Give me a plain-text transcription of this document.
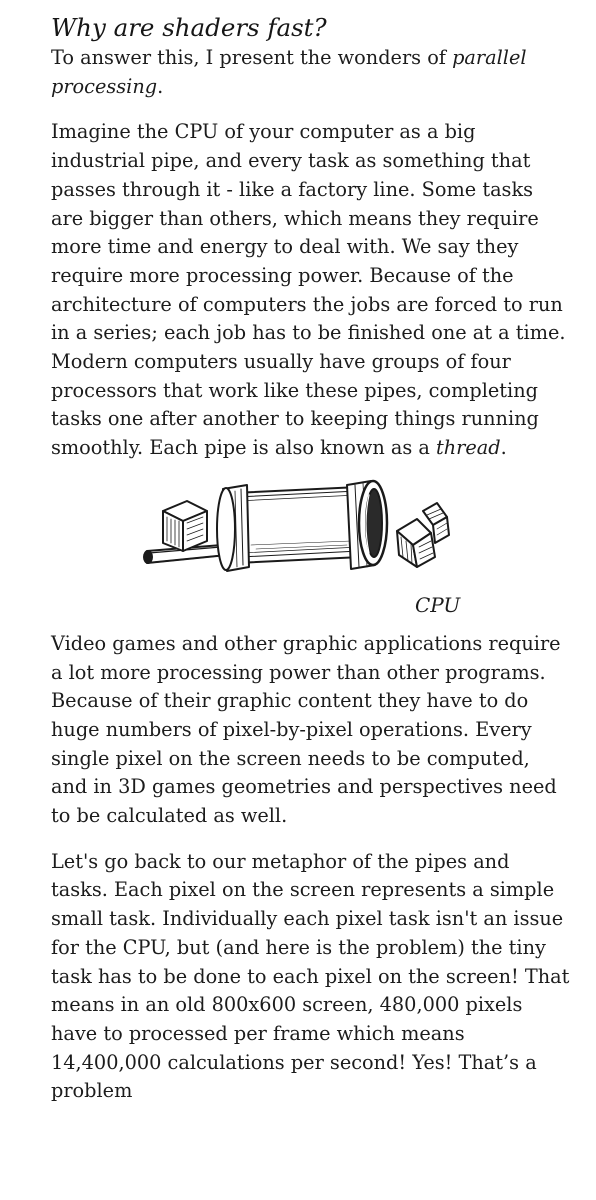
Why are shaders fast?

To answer this, I present the wonders of parallel processing.

Imagine the CPU of your computer as a big industrial pipe, and every task as something that passes through it - like a factory line. Some tasks are bigger than others, which means they require more time and energy to deal with. We say they require more processing power. Because of the architecture of computers the jobs are forced to run in a series; each job has to be finished one at a time. Modern computers usually have groups of four processors that work like these pipes, completing tasks one after another to keeping things running smoothly. Each pipe is also known as a thread.

CPU

Video games and other graphic applications require a lot more processing power than other programs. Because of their graphic content they have to do huge numbers of pixel-by-pixel operations. Every single pixel on the screen needs to be computed, and in 3D games geometries and perspectives need to be calculated as well.

Let's go back to our metaphor of the pipes and tasks. Each pixel on the screen represents a simple small task. Individually each pixel task isn't an issue for the CPU, but (and here is the problem) the tiny task has to be done to each pixel on the screen! That means in an old 800x600 screen, 480,000 pixels have to processed per frame which means 14,400,000 calculations per second! Yes! That’s a problem
